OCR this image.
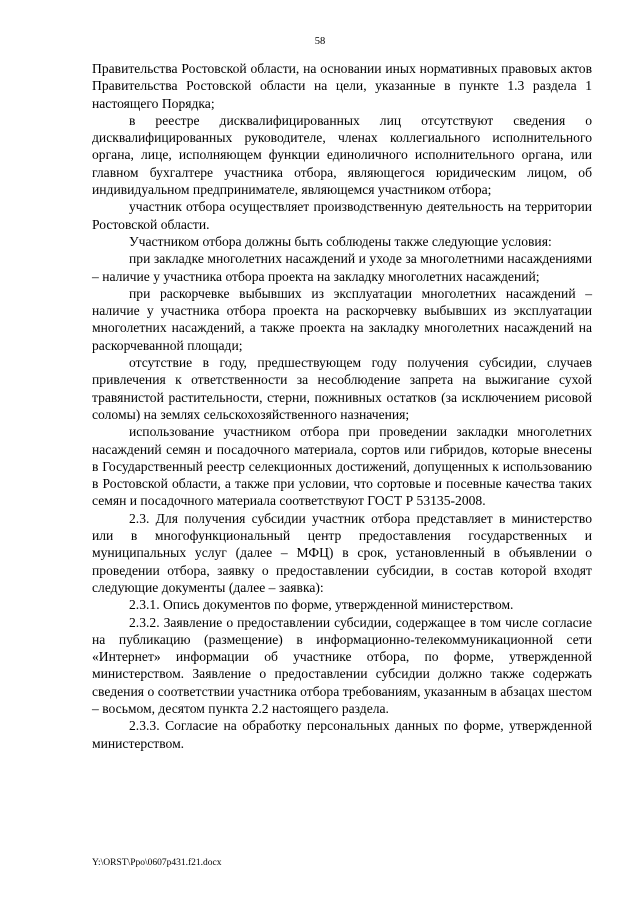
58

Правительства Ростовской области, на основании иных нормативных правовых актов Правительства Ростовской области на цели, указанные в пункте 1.3 раздела 1 настоящего Порядка;

в реестре дисквалифицированных лиц отсутствуют сведения о дисквалифицированных руководителе, членах коллегиального исполнительного органа, лице, исполняющем функции единоличного исполнительного органа, или главном бухгалтере участника отбора, являющегося юридическим лицом, об индивидуальном предпринимателе, являющемся участником отбора;

участник отбора осуществляет производственную деятельность на территории Ростовской области.

Участником отбора должны быть соблюдены также следующие условия:

при закладке многолетних насаждений и уходе за многолетними насаждениями – наличие у участника отбора проекта на закладку многолетних насаждений;

при раскорчевке выбывших из эксплуатации многолетних насаждений – наличие у участника отбора проекта на раскорчевку выбывших из эксплуатации многолетних насаждений, а также проекта на закладку многолетних насаждений на раскорчеванной площади;

отсутствие в году, предшествующем году получения субсидии, случаев привлечения к ответственности за несоблюдение запрета на выжигание сухой травянистой растительности, стерни, пожнивных остатков (за исключением рисовой соломы) на землях сельскохозяйственного назначения;

использование участником отбора при проведении закладки многолетних насаждений семян и посадочного материала, сортов или гибридов, которые внесены в Государственный реестр селекционных достижений, допущенных к использованию в Ростовской области, а также при условии, что сортовые и посевные качества таких семян и посадочного материала соответствуют ГОСТ Р 53135-2008.

2.3. Для получения субсидии участник отбора представляет в министерство или в многофункциональный центр предоставления государственных и муниципальных услуг (далее – МФЦ) в срок, установленный в объявлении о проведении отбора, заявку о предоставлении субсидии, в состав которой входят следующие документы (далее – заявка):

2.3.1. Опись документов по форме, утвержденной министерством.

2.3.2. Заявление о предоставлении субсидии, содержащее в том числе согласие на публикацию (размещение) в информационно-телекоммуникационной сети «Интернет» информации об участнике отбора, по форме, утвержденной министерством. Заявление о предоставлении субсидии должно также содержать сведения о соответствии участника отбора требованиям, указанным в абзацах шестом – восьмом, десятом пункта 2.2 настоящего раздела.

2.3.3. Согласие на обработку персональных данных по форме, утвержденной министерством.

Y:\ORST\Ppo\0607p431.f21.docx
